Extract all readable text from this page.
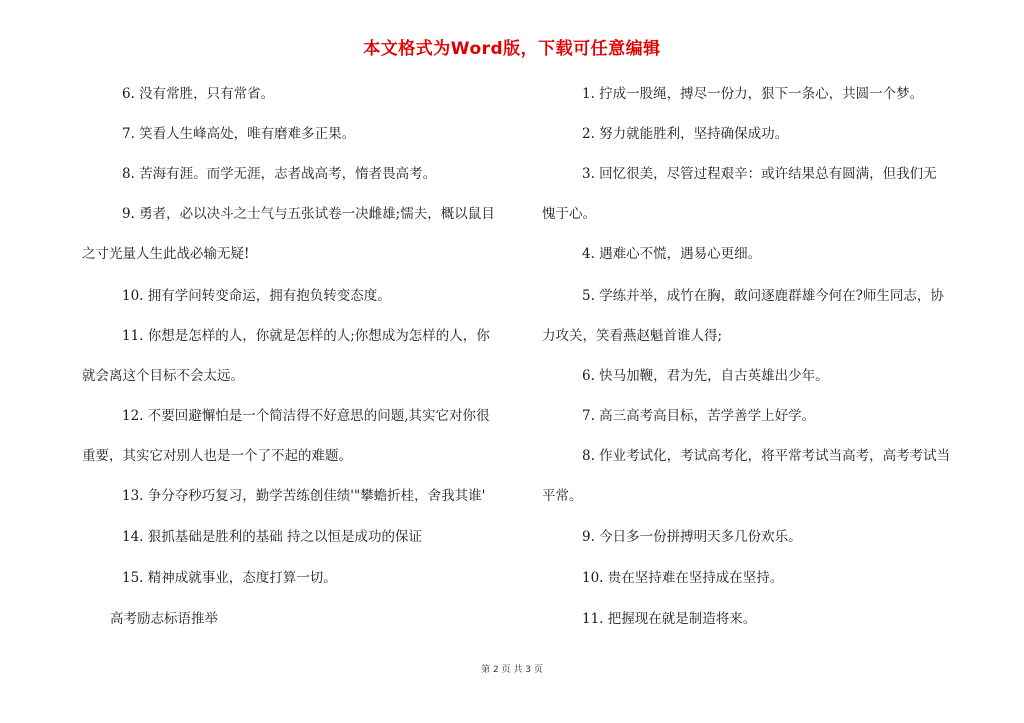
本文格式为Word版，下载可任意编辑
6. 没有常胜，只有常省。
7. 笑看人生峰高处，唯有磨难多正果。
8. 苦海有涯。而学无涯，志者战高考，惰者畏高考。
9. 勇者，必以决斗之士气与五张试卷一决雌雄;懦夫，概以鼠目
之寸光量人生此战必输无疑!
10. 拥有学问转变命运，拥有抱负转变态度。
11. 你想是怎样的人，你就是怎样的人;你想成为怎样的人，你
就会离这个目标不会太远。
12. 不要回避懈怕是一个简洁得不好意思的问题,其实它对你很
重要，其实它对别人也是一个了不起的难题。
13. 争分夺秒巧复习，勤学苦练创佳绩'"攀蟾折桂，舍我其谁'
14. 狠抓基础是胜利的基础 持之以恒是成功的保证
15. 精神成就事业，态度打算一切。
高考励志标语推举
1. 拧成一股绳，搏尽一份力，狠下一条心，共圆一个梦。
2. 努力就能胜利，坚持确保成功。
3. 回忆很美，尽管过程艰辛：或许结果总有圆满，但我们无
愧于心。
4. 遇难心不慌，遇易心更细。
5. 学练并举，成竹在胸，敢问逐鹿群雄今何在?师生同志，协
力攻关，笑看燕赵魁首谁人得;
6. 快马加鞭，君为先，自古英雄出少年。
7. 高三高考高目标，苦学善学上好学。
8. 作业考试化，考试高考化，将平常考试当高考，高考考试当
平常。
9. 今日多一份拼搏明天多几份欢乐。
10. 贵在坚持难在坚持成在坚持。
11. 把握现在就是制造将来。
第 2 页 共 3 页
